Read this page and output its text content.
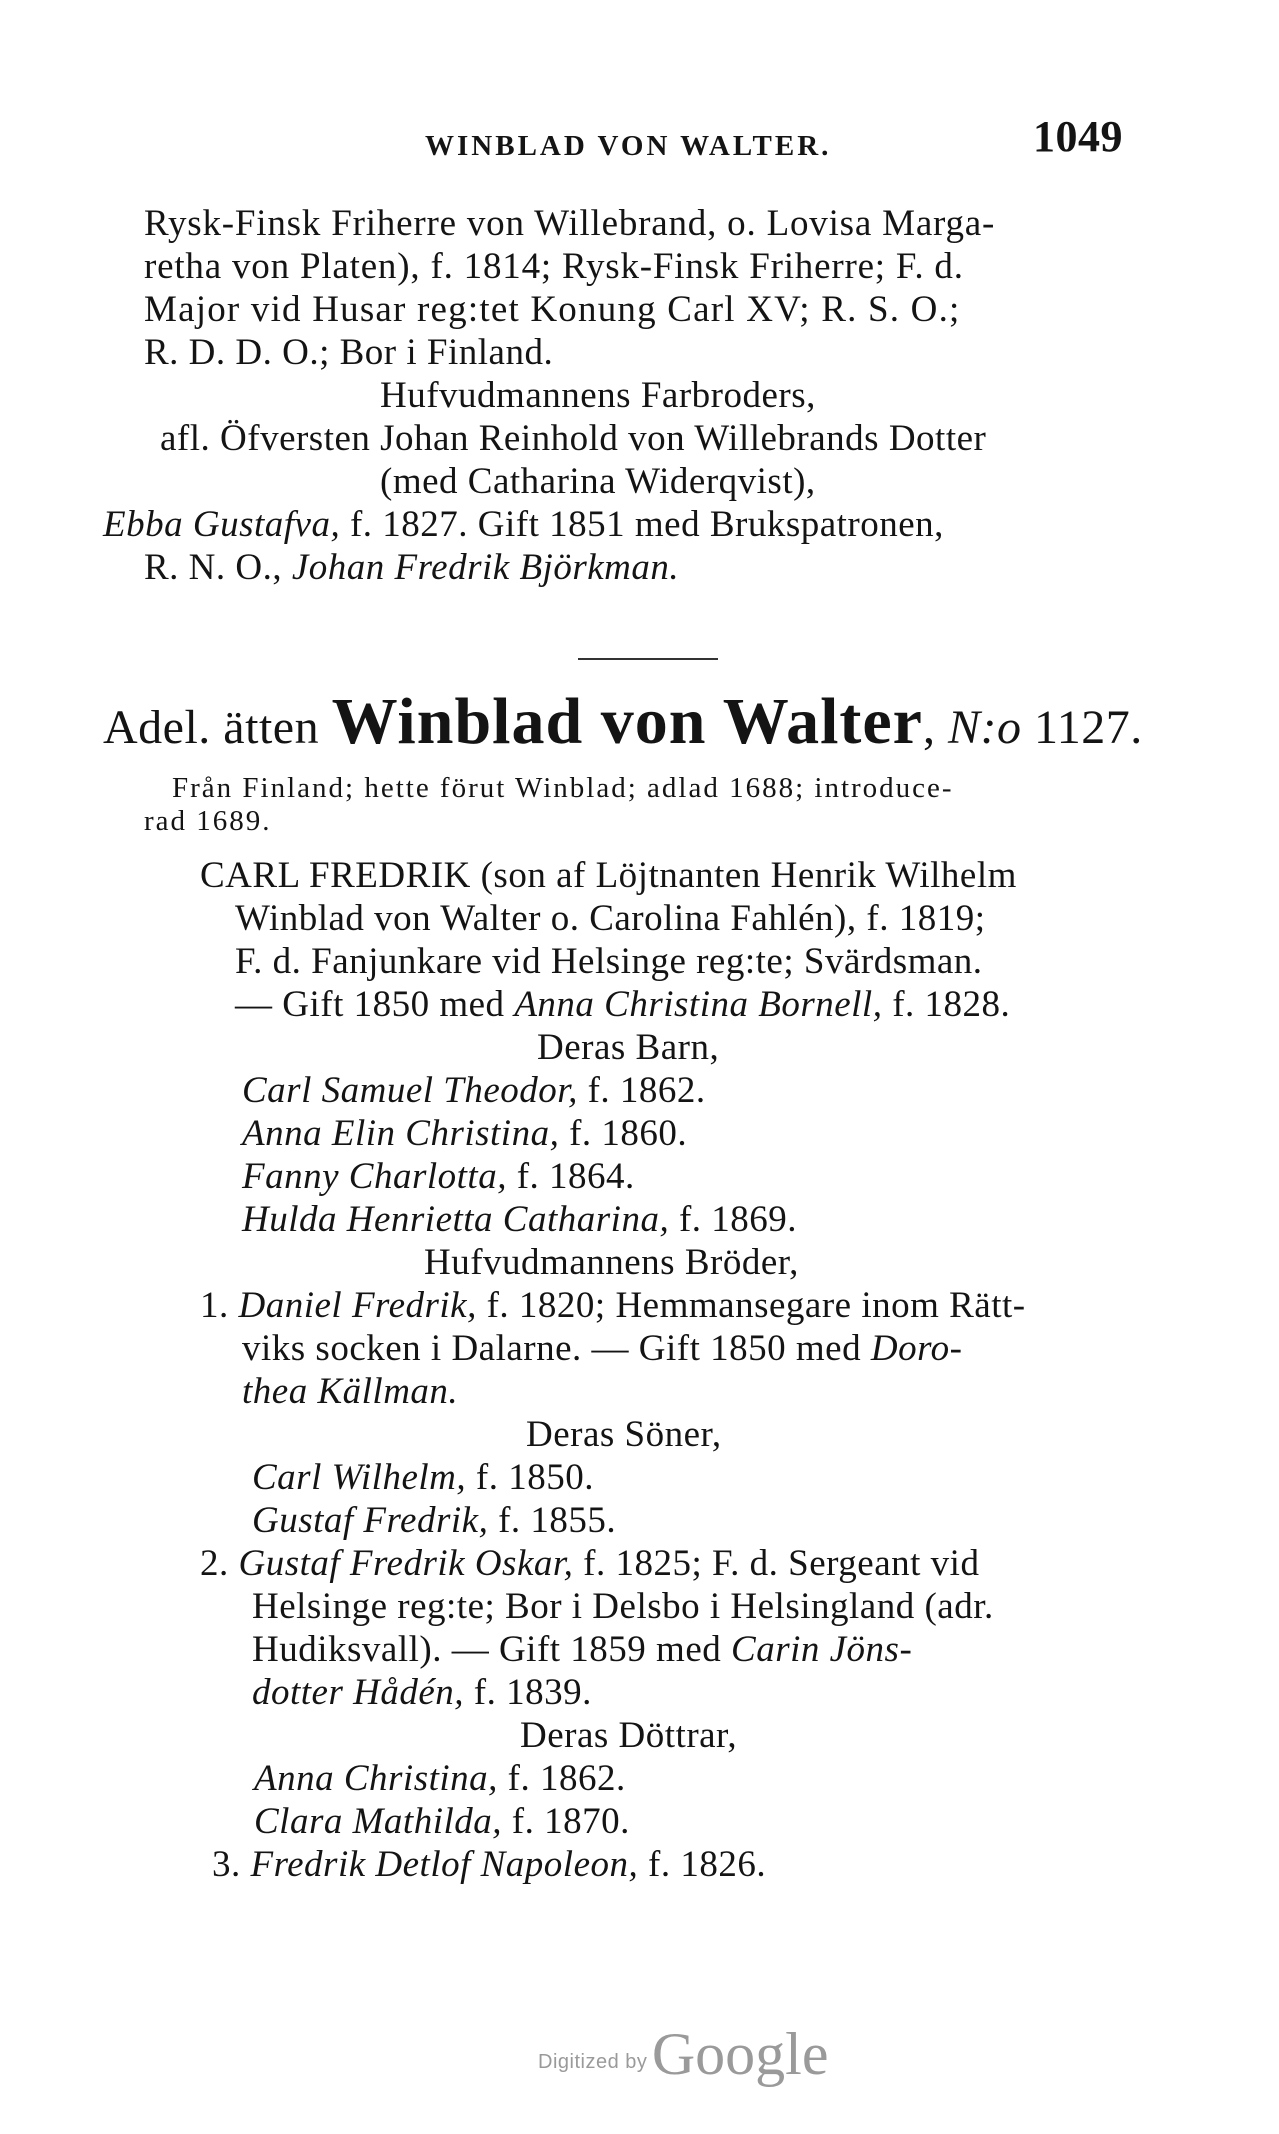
WINBLAD VON WALTER.	1049
Rysk-Finsk Friherre von Willebrand, o. Lovisa Marga-
retha von Platen), f. 1814; Rysk-Finsk Friherre; F. d.
Major vid Husar reg:tet Konung Carl XV; R. S. O.;
R. D. D. O.; Bor i Finland.
Hufvudmannens Farbroders,
afl. Öfversten Johan Reinhold von Willebrands Dotter
(med Catharina Widerqvist),
Ebba Gustafva, f. 1827. Gift 1851 med Brukspatronen,
R. N. O., Johan Fredrik Björkman.
Adel. ätten Winblad von Walter, N:o 1127.
Från Finland; hette förut Winblad; adlad 1688; introduce-
rad 1689.
CARL FREDRIK (son af Löjtnanten Henrik Wilhelm
Winblad von Walter o. Carolina Fahlén), f. 1819;
F. d. Fanjunkare vid Helsinge reg:te; Svärdsman.
— Gift 1850 med Anna Christina Bornell, f. 1828.
Deras Barn,
Carl Samuel Theodor, f. 1862.
Anna Elin Christina, f. 1860.
Fanny Charlotta, f. 1864.
Hulda Henrietta Catharina, f. 1869.
Hufvudmannens Bröder,
1. Daniel Fredrik, f. 1820; Hemmansegare inom Rätt-
viks socken i Dalarne. — Gift 1850 med Doro-
thea Källman.
Deras Söner,
Carl Wilhelm, f. 1850.
Gustaf Fredrik, f. 1855.
2. Gustaf Fredrik Oskar, f. 1825; F. d. Sergeant vid
Helsinge reg:te; Bor i Delsbo i Helsingland (adr.
Hudiksvall). — Gift 1859 med Carin Jöns-
dotter Hådén, f. 1839.
Deras Döttrar,
Anna Christina, f. 1862.
Clara Mathilda, f. 1870.
3. Fredrik Detlof Napoleon, f. 1826.
Digitized by Google
